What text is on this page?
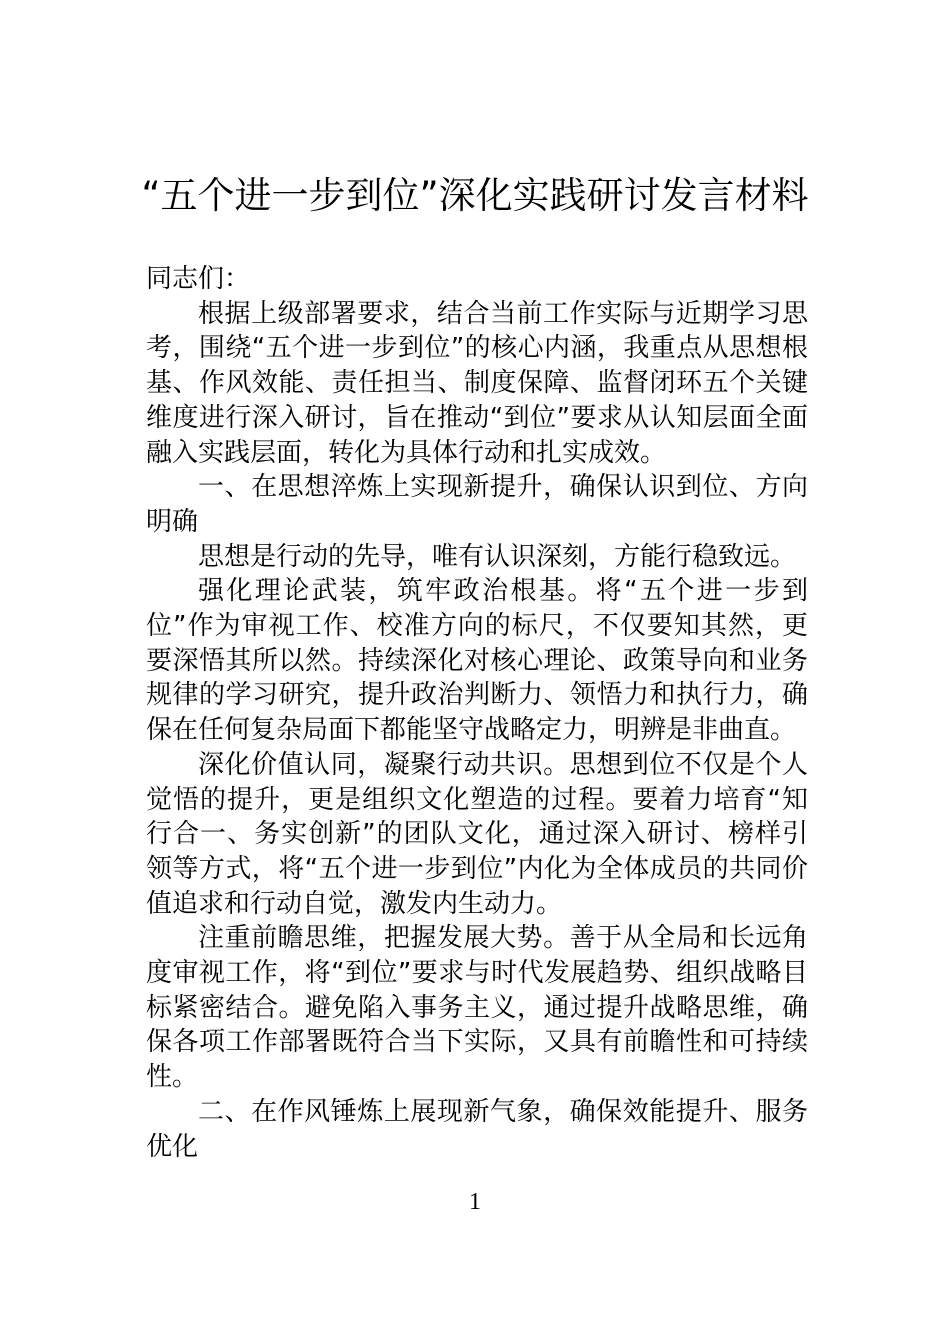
“五个进一步到位”深化实践研讨发言材料

同志们：

根据上级部署要求，结合当前工作实际与近期学习思考，围绕“五个进一步到位”的核心内涵，我重点从思想根基、作风效能、责任担当、制度保障、监督闭环五个关键维度进行深入研讨，旨在推动“到位”要求从认知层面全面融入实践层面，转化为具体行动和扎实成效。

一、在思想淬炼上实现新提升，确保认识到位、方向明确

思想是行动的先导，唯有认识深刻，方能行稳致远。

强化理论武装，筑牢政治根基。将“五个进一步到位”作为审视工作、校准方向的标尺，不仅要知其然，更要深悟其所以然。持续深化对核心理论、政策导向和业务规律的学习研究，提升政治判断力、领悟力和执行力，确保在任何复杂局面下都能坚守战略定力，明辨是非曲直。

深化价值认同，凝聚行动共识。思想到位不仅是个人觉悟的提升，更是组织文化塑造的过程。要着力培育“知行合一、务实创新”的团队文化，通过深入研讨、榜样引领等方式，将“五个进一步到位”内化为全体成员的共同价值追求和行动自觉，激发内生动力。

注重前瞻思维，把握发展大势。善于从全局和长远角度审视工作，将“到位”要求与时代发展趋势、组织战略目标紧密结合。避免陷入事务主义，通过提升战略思维，确保各项工作部署既符合当下实际，又具有前瞻性和可持续性。

二、在作风锤炼上展现新气象，确保效能提升、服务优化

1
